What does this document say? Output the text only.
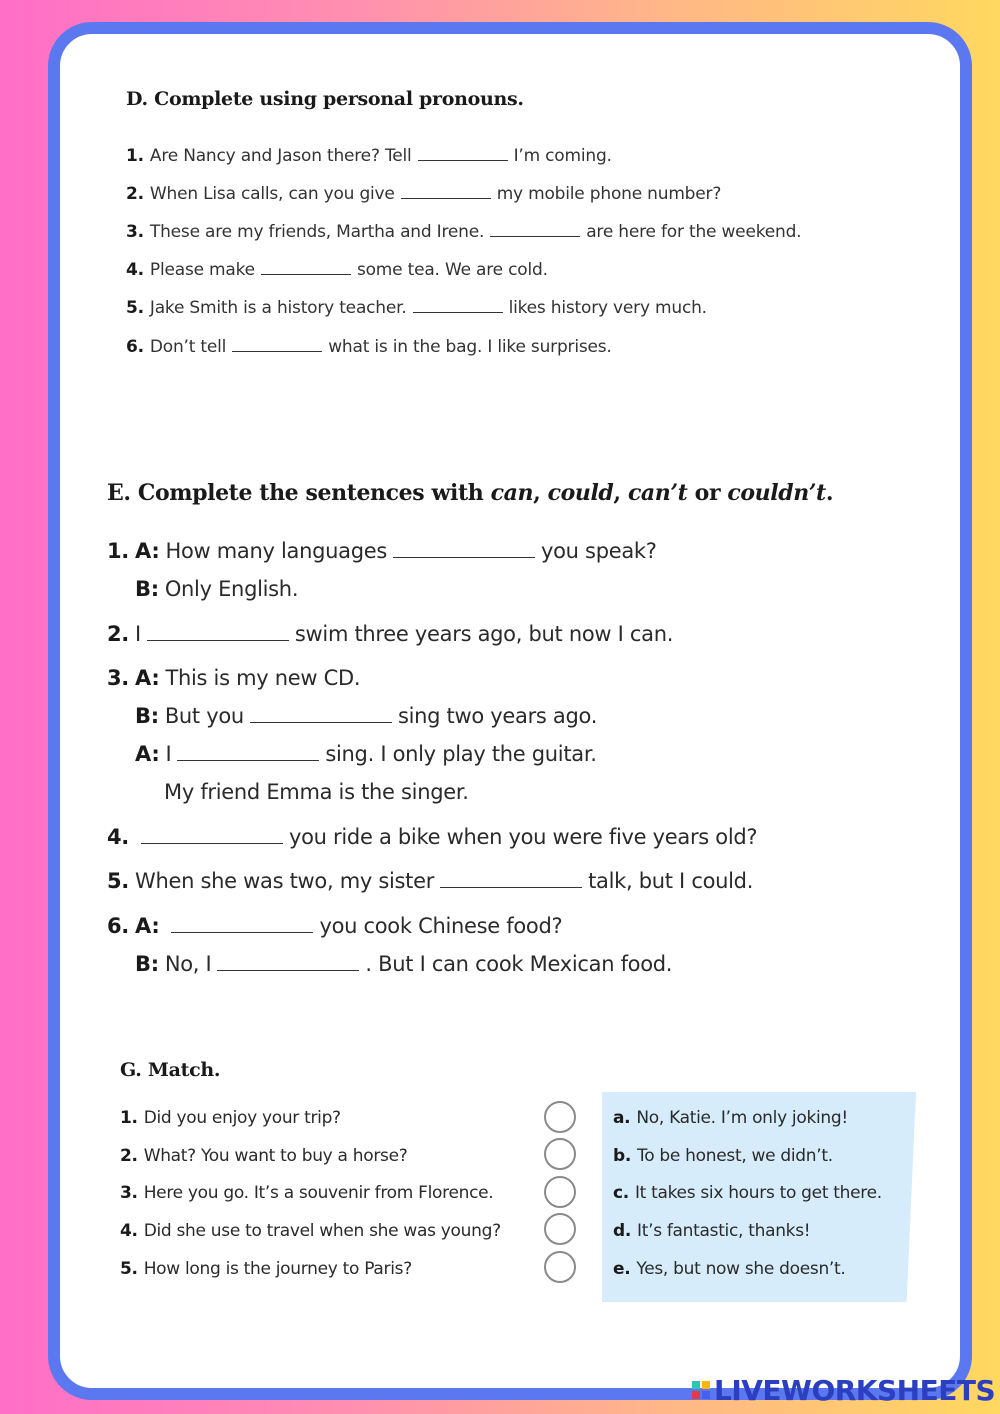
D. Complete using personal pronouns.
1. Are Nancy and Jason there? Tell	I’m coming.
2. When Lisa calls, can you give	my mobile phone number?
3. These are my friends, Martha and Irene.	are here for the weekend.
4. Please make	some tea. We are cold.
5. Jake Smith is a history teacher.	likes history very much.
6. Don’t tell	what is in the bag. I like surprises.
E. Complete the sentences with can, could, can’t or couldn’t.
1. A: How many languages	you speak?
B: Only English.
2. I	swim three years ago, but now I can.
3. A: This is my new CD.
B: But you	sing two years ago.
A: I	sing. I only play the guitar.
My friend Emma is the singer.
4.	you ride a bike when you were five years old?
5. When she was two, my sister	talk, but I could.
6. A:	you cook Chinese food?
B: No, I	. But I can cook Mexican food.
G. Match.
1. Did you enjoy your trip?
2. What? You want to buy a horse?
3. Here you go. It’s a souvenir from Florence.
4. Did she use to travel when she was young?
5. How long is the journey to Paris?
a. No, Katie. I’m only joking!
b. To be honest, we didn’t.
c. It takes six hours to get there.
d. It’s fantastic, thanks!
e. Yes, but now she doesn’t.
LIVEWORKSHEETS
